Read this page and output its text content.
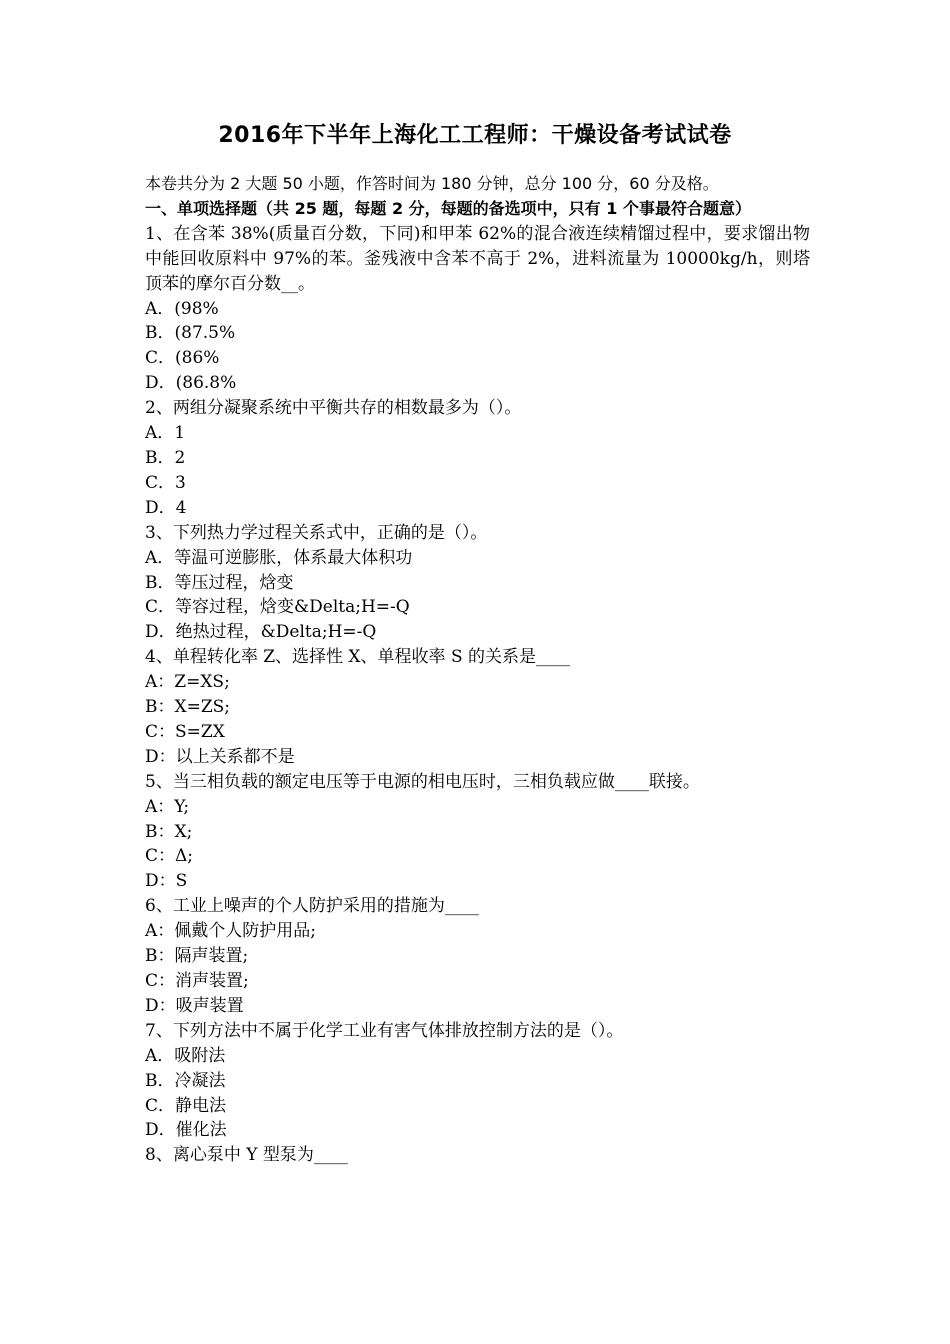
2016年下半年上海化工工程师：干燥设备考试试卷
本卷共分为 2 大题 50 小题，作答时间为 180 分钟，总分 100 分，60 分及格。
一、单项选择题（共 25 题，每题 2 分，每题的备选项中，只有 1 个事最符合题意）
1、在含苯 38%(质量百分数，下同)和甲苯 62%的混合液连续精馏过程中，要求馏出物中能回收原料中 97%的苯。釜残液中含苯不高于 2%，进料流量为 10000kg/h，则塔顶苯的摩尔百分数__。
A．(98%
B．(87.5%
C．(86%
D．(86.8%
2、两组分凝聚系统中平衡共存的相数最多为（）。
A．1
B．2
C．3
D．4
3、下列热力学过程关系式中，正确的是（）。
A．等温可逆膨胀，体系最大体积功
B．等压过程，焓变
C．等容过程，焓变&Delta;H=-Q
D．绝热过程，&Delta;H=-Q
4、单程转化率 Z、选择性 X、单程收率 S 的关系是____
A：Z=XS;
B：X=ZS;
C：S=ZX
D：以上关系都不是
5、当三相负载的额定电压等于电源的相电压时，三相负载应做____联接。
A：Y;
B：X;
C：Δ;
D：S
6、工业上噪声的个人防护采用的措施为____
A：佩戴个人防护用品;
B：隔声装置;
C：消声装置;
D：吸声装置
7、下列方法中不属于化学工业有害气体排放控制方法的是（）。
A．吸附法
B．冷凝法
C．静电法
D．催化法
8、离心泵中 Y 型泵为____
